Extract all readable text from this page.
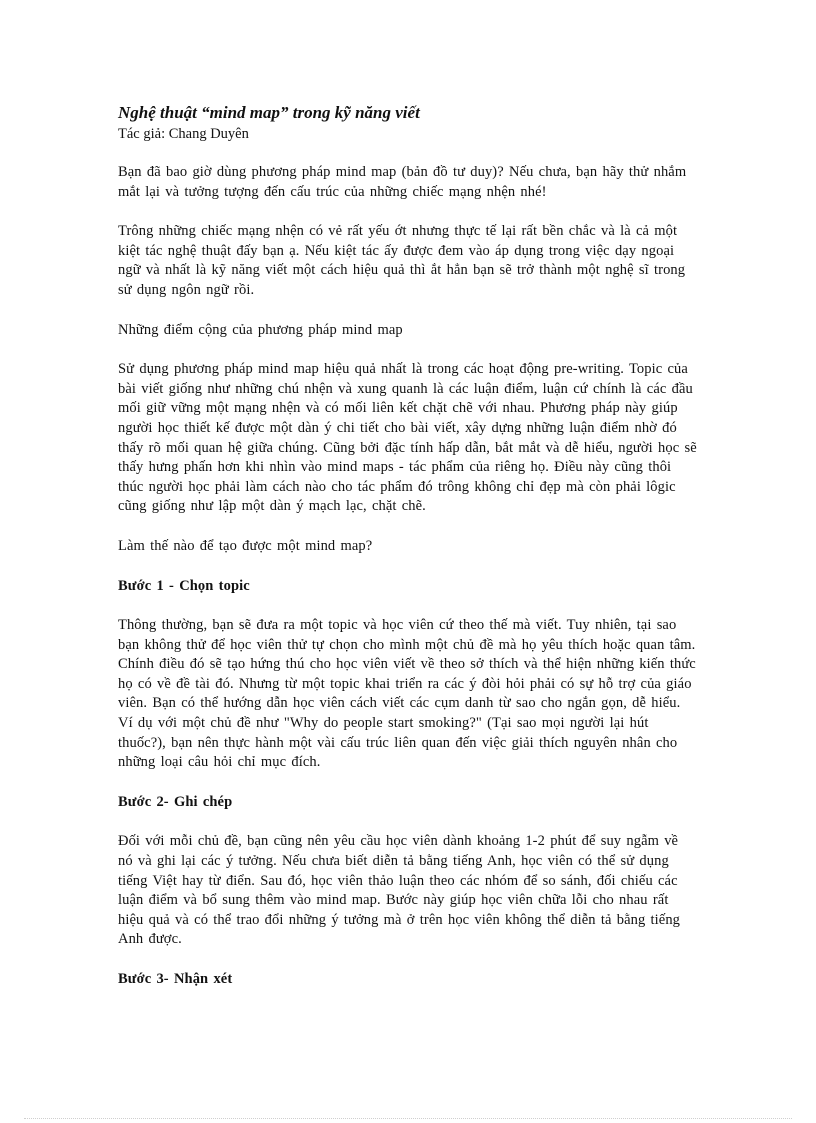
Nghệ thuật “mind map” trong kỹ năng viết
Tác giả: Chang Duyên

Bạn đã bao giờ dùng phương pháp mind map (bản đồ tư duy)? Nếu chưa, bạn hãy thử nhắm mắt lại và tưởng tượng đến cấu trúc của những chiếc mạng nhện nhé!

Trông những chiếc mạng nhện có vẻ rất yếu ớt nhưng thực tế lại rất bền chắc và là cả một kiệt tác nghệ thuật đấy bạn ạ. Nếu kiệt tác ấy được đem vào áp dụng trong việc dạy ngoại ngữ và nhất là kỹ năng viết một cách hiệu quả thì ắt hẳn bạn sẽ trở thành một nghệ sĩ trong sử dụng ngôn ngữ rồi.

Những điểm cộng của phương pháp mind map

Sử dụng phương pháp mind map hiệu quả nhất là trong các hoạt động pre-writing. Topic của bài viết giống như những chú nhện và xung quanh là các luận điểm, luận cứ chính là các đầu mối giữ vững một mạng nhện và có mối liên kết chặt chẽ với nhau. Phương pháp này giúp người học thiết kế được một dàn ý chi tiết cho bài viết, xây dựng những luận điểm nhờ đó thấy rõ mối quan hệ giữa chúng. Cũng bởi đặc tính hấp dẫn, bắt mắt và dễ hiểu, người học sẽ thấy hưng phấn hơn khi nhìn vào mind maps - tác phẩm của riêng họ. Điều này cũng thôi thúc người học phải làm cách nào cho tác phẩm đó trông không chỉ đẹp mà còn phải lôgic cũng giống như lập một dàn ý mạch lạc, chặt chẽ.

Làm thế nào để tạo được một mind map?

Bước 1 - Chọn topic

Thông thường, bạn sẽ đưa ra một topic và học viên cứ theo thế mà viết. Tuy nhiên, tại sao bạn không thử để học viên thử tự chọn cho mình một chủ đề mà họ yêu thích hoặc quan tâm. Chính điều đó sẽ tạo hứng thú cho học viên viết về theo sở thích và thể hiện những kiến thức họ có về đề tài đó. Nhưng từ một topic khai triển ra các ý đòi hỏi phải có sự hỗ trợ của giáo viên. Bạn có thể hướng dẫn học viên cách viết các cụm danh từ sao cho ngắn gọn, dễ hiểu. Ví dụ với một chủ đề như "Why do people start smoking?" (Tại sao mọi người lại hút thuốc?), bạn nên thực hành một vài cấu trúc liên quan đến việc giải thích nguyên nhân cho những loại câu hỏi chỉ mục đích.

Bước 2- Ghi chép

Đối với mỗi chủ đề, bạn cũng nên yêu cầu học viên dành khoảng 1-2 phút để suy ngẫm về nó và ghi lại các ý tưởng. Nếu chưa biết diễn tả bằng tiếng Anh, học viên có thể sử dụng tiếng Việt hay từ điển. Sau đó, học viên thảo luận theo các nhóm để so sánh, đối chiếu các luận điểm và bổ sung thêm vào mind map. Bước này giúp học viên chữa lỗi cho nhau rất hiệu quả và có thể trao đổi những ý tưởng mà ở trên học viên không thể diễn tả bằng tiếng Anh được.

Bước 3- Nhận xét
